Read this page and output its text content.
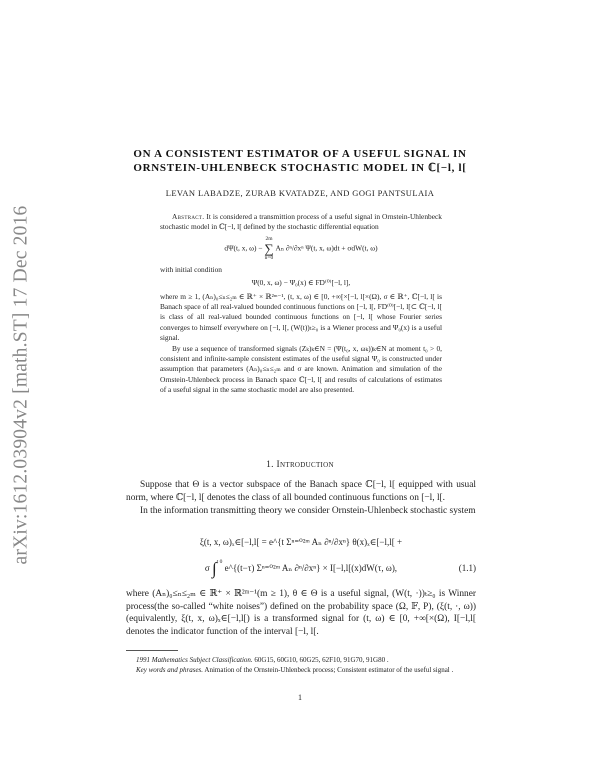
arXiv:1612.03904v2 [math.ST] 17 Dec 2016
ON A CONSISTENT ESTIMATOR OF A USEFUL SIGNAL IN
ORNSTEIN-UHLENBECK STOCHASTIC MODEL IN ℂ[−l, l[
LEVAN LABADZE, ZURAB KVATADZE, AND GOGI PANTSULAIA

Abstract. It is considered a transmittion process of a useful signal in Ornstein-Uhlenbeck stochastic model in ℂ[−l, l[ defined by the stochastic differential equation

dΨ(t, x, ω) −
2m
∑
n=0
Aₙ ∂ⁿ/∂xⁿ Ψ(t, x, ω)dt + σdW(t, ω)

with initial condition

Ψ(0, x, ω) − Ψ₀(x) ∈ FD⁽⁰⁾[−l, l],

where m ≥ 1, (Aₙ)₀≤ₙ≤₂ₘ ∈ ℝ⁺ × ℝ²ᵐ⁻¹, (t, x, ω) ∈ [0, +∞[×[−l, l[×(Ω), σ ∈ ℝ⁺, ℂ[−l, l[ is Banach space of all real-valued bounded continuous functions on [−l, l[, FD⁽⁰⁾[−l, l[⊂ ℂ[−l, l[ is class of all real-valued bounded continuous functions on [−l, l[ whose Fourier series converges to himself everywhere on [−l, l[, (W(t))ₜ≥₀ is a Wiener process and Ψ₀(x) is a useful signal.

By use a sequence of transformed signals (Zₖ)ₖ∈N = (Ψ(t₀, x, ωₖ))ₖ∈N at moment t₀ > 0, consistent and infinite-sample consistent estimates of the useful signal Ψ₀ is constructed under assumption that parameters (Aₙ)₀≤ₙ≤₂ₘ and σ are known. Animation and simulation of the Ornstein-Uhlenbeck process in Banach space ℂ[−l, l[ and results of calculations of estimates of a useful signal in the same stochastic model are also presented.

1. Introduction

Suppose that Θ is a vector subspace of the Banach space ℂ[−l, l[ equipped with usual norm, where ℂ[−l, l[ denotes the class of all bounded continuous functions on [−l, l[.

In the information transmitting theory we consider Ornstein-Uhlenbeck stochastic system

ξ(t, x, ω)ₓ∈[−l,l[ = e^{t Σⁿ⁼⁰²ᵐ Aₙ ∂ⁿ/∂xⁿ} θ(x)ₓ∈[−l,l[ +
σ ∫$^{t 0}$ e^{(t−τ) Σⁿ⁼⁰²ᵐ Aₙ ∂ⁿ/∂xⁿ} × I[−l,l[(x)dW(τ, ω),	(1.1)
where (Aₙ)₀≤ₙ≤₂ₘ ∈ ℝ⁺ × ℝ²ᵐ⁻¹(m ≥ 1), θ ∈ Θ is a useful signal, (W(t, ·))ₜ≥₀ is Winner process(the so-called “white noises”) defined on the probability space (Ω, 𝔽, P), (ξ(t, ·, ω))(equivalently, ξ(t, x, ω)ₓ∈[−l,l[) is a transformed signal for (t, ω) ∈ [0, +∞[×(Ω), I[−l,l[ denotes the indicator function of the interval [−l, l[.

1991 Mathematics Subject Classification. 60G15, 60G10, 60G25, 62F10, 91G70, 91G80 .

Key words and phrases. Animation of the Ornstein-Uhlenbeck process; Consistent estimator of the useful signal .

1
